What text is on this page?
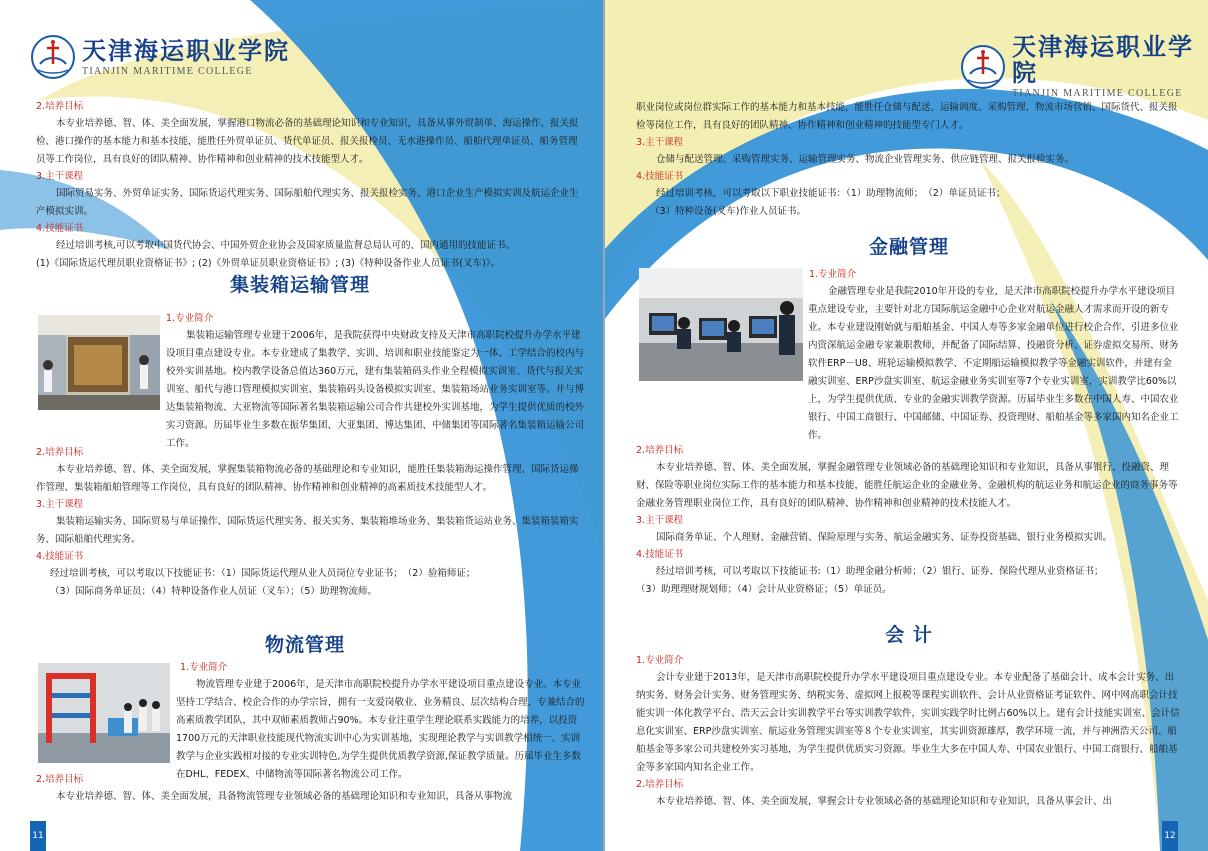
天津海运职业学院
TIANJIN MARITIME COLLEGE
2.培养目标

本专业培养德、智、体、美全面发展，掌握港口物流必备的基础理论知识和专业知识，具备从事外贸制单、海运操作、报关报检、港口操作的基本能力和基本技能，能胜任外贸单证员、货代单证员、报关报检员、无水港操作员、船舶代理单证员、船务管理员等工作岗位，具有良好的团队精神、协作精神和创业精神的技术技能型人才。

3.主干课程

国际贸易实务、外贸单证实务、国际货运代理实务、国际船舶代理实务、报关报检实务、港口企业生产模拟实训及航运企业生产模拟实训。

4.技能证书

经过培训考核,可以考取中国货代协会、中国外贸企业协会及国家质量监督总局认可的、国内通用的技能证书。

(1)《国际货运代理员职业资格证书》; (2)《外贸单证员职业资格证书》; (3)《特种设备作业人员证书(叉车)》。

集装箱运输管理
1.专业简介

集装箱运输管理专业建于2006年，是我院获得中央财政支持及天津市高职院校提升办学水平建设项目重点建设专业。本专业建成了集教学、实训、培训和职业技能鉴定为一体、工学结合的校内与校外实训基地。校内教学设备总值达360万元，建有集装箱码头作业全程模拟实训室、货代与报关实训室、船代与港口管理模拟实训室、集装箱码头设备模拟实训室、集装箱场站业务实训室等。并与博达集装箱物流、大亚物流等国际著名集装箱运输公司合作共建校外实训基地，为学生提供优质的校外实习资源。历届毕业生多数在振华集团、大亚集团、博达集团、中储集团等国际著名集装箱运输公司工作。

2.培养目标

本专业培养德、智、体、美全面发展，掌握集装箱物流必备的基础理论和专业知识，能胜任集装箱海运操作管理、国际货运操作管理、集装箱船舶管理等工作岗位，具有良好的团队精神、协作精神和创业精神的高素质技术技能型人才。

3.主干课程

集装箱运输实务、国际贸易与单证操作、国际货运代理实务、报关实务、集装箱堆场业务、集装箱货运站业务、集装箱装箱实务、国际船舶代理实务。

4.技能证书

经过培训考核，可以考取以下技能证书：（1）国际货运代理从业人员岗位专业证书；　（2）验箱师证；

（3）国际商务单证员；（4）特种设备作业人员证（叉车）；（5）助理物流师。

物流管理
1.专业简介

物流管理专业建于2006年，是天津市高职院校提升办学水平建设项目重点建设专业。本专业坚持工学结合、校企合作的办学宗旨，拥有一支爱岗敬业、业务精良、层次结构合理、专兼结合的高素质教学团队，其中双师素质教师占90%。本专业注重学生理论联系实践能力的培养，以投资1700万元的天津职业技能现代物流实训中心为实训基地，实现理论教学与实训教学相统一、实训教学与企业实践相对接的专业实训特色,为学生提供优质教学资源,保证教学质量。历届毕业生多数在DHL、FEDEX、中储物流等国际著名物流公司工作。

2.培养目标

本专业培养德、智、体、美全面发展，具备物流管理专业领域必备的基础理论知识和专业知识，具备从事物流

11
天津海运职业学院
TIANJIN MARITIME COLLEGE

职业岗位或岗位群实际工作的基本能力和基本技能，能胜任仓储与配送、运输调度、采购管理、物流市场营销、国际货代、报关报检等岗位工作，具有良好的团队精神、协作精神和创业精神的技能型专门人才。

3.主干课程

仓储与配送管理、采购管理实务、运输管理实务、物流企业管理实务、供应链管理、报关报检实务。

4.技能证书

经过培训考核，可以考取以下职业技能证书：（1）助理物流师；　（2）单证员证书；

（3）特种设备(叉车)作业人员证书。

金融管理
1.专业简介

金融管理专业是我院2010年开设的专业，是天津市高职院校提升办学水平建设项目重点建设专业，主要针对北方国际航运金融中心企业对航运金融人才需求而开设的新专业。本专业建设刚始就与船舶基金、中国人寿等多家金融单位进行校企合作，引进多位业内资深航运金融专家兼职教师，并配备了国际结算、投融资分析、证券虚拟交易所、财务软件ERP－U8、班轮运输模拟教学、不定期船运输模拟教学等金融实训软件，并建有金融实训室、ERP沙盘实训室、航运金融业务实训室等7个专业实训室，实训教学比60%以上，为学生提供优质、专业的金融实训教学资源。历届毕业生多数在中国人寿、中国农业银行、中国工商银行、中国邮储、中国证券、投资理财、船舶基金等多家国内知名企业工作。

2.培养目标

本专业培养德、智、体、美全面发展，掌握金融管理专业领域必备的基础理论知识和专业知识，具备从事银行、投融资、理财、保险等职业岗位实际工作的基本能力和基本技能，能胜任航运企业的金融业务、金融机构的航运业务和航运企业的商务事务等金融业务管理职业岗位工作，具有良好的团队精神、协作精神和创业精神的技术技能人才。

3.主干课程

国际商务单证、个人理财、金融营销、保险原理与实务、航运金融实务、证券投资基础、银行业务模拟实训。

4.技能证书

经过培训考核，可以考取以下技能证书:（1）助理金融分析师；（2）银行、证券、保险代理从业资格证书；

（3）助理理财规划师；（4）会计从业资格证；（5）单证员。

会 计
1.专业简介

会计专业建于2013年，是天津市高职院校提升办学水平建设项目重点建设专业。本专业配备了基础会计、成本会计实务、出纳实务、财务会计实务、财务管理实务、纳税实务、虚拟网上报税等课程实训软件、会计从业资格证考证软件、网中网高职会计技能实训一体化教学平台、浩天云会计实训教学平台等实训教学软件，实训实践学时比例占60%以上。建有会计技能实训室、会计信息化实训室、ERP沙盘实训室、航运业务管理实训室等８个专业实训室，其实训资源雄厚，教学环境一流，并与神洲浩天公司、船舶基金等多家公司共建校外实习基地，为学生提供优质实习资源。毕业生大多在中国人寿、中国农业银行、中国工商银行、船舶基金等多家国内知名企业工作。

2.培养目标

本专业培养德、智、体、美全面发展，掌握会计专业领域必备的基础理论知识和专业知识，具备从事会计、出

12
